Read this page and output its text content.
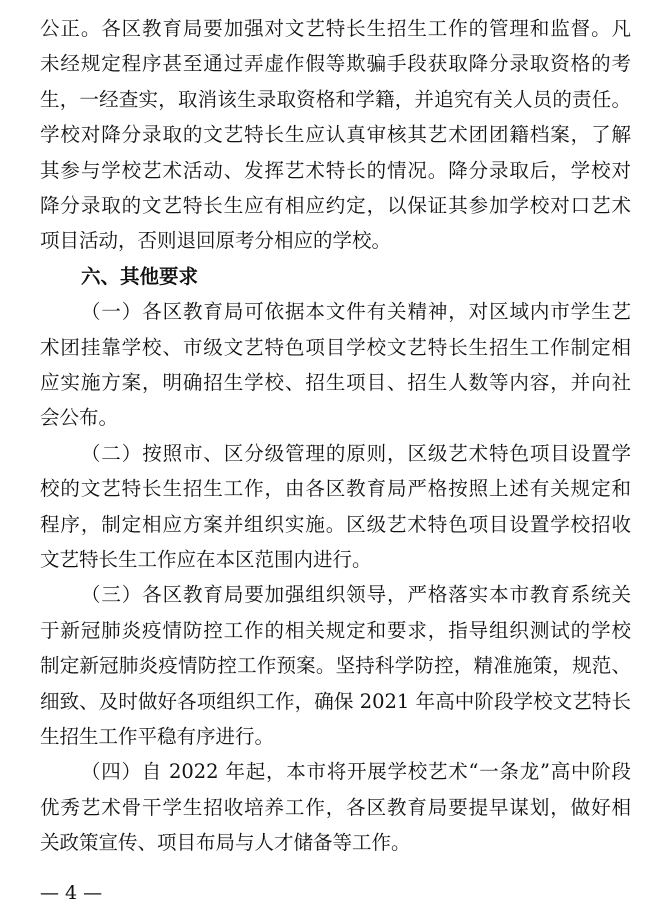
公正。各区教育局要加强对文艺特长生招生工作的管理和监督。凡
未经规定程序甚至通过弄虚作假等欺骗手段获取降分录取资格的考
生，一经查实，取消该生录取资格和学籍，并追究有关人员的责任。
学校对降分录取的文艺特长生应认真审核其艺术团团籍档案，了解
其参与学校艺术活动、发挥艺术特长的情况。降分录取后，学校对
降分录取的文艺特长生应有相应约定，以保证其参加学校对口艺术
项目活动，否则退回原考分相应的学校。
六、其他要求
（一）各区教育局可依据本文件有关精神，对区域内市学生艺
术团挂靠学校、市级文艺特色项目学校文艺特长生招生工作制定相
应实施方案，明确招生学校、招生项目、招生人数等内容，并向社
会公布。
（二）按照市、区分级管理的原则，区级艺术特色项目设置学
校的文艺特长生招生工作，由各区教育局严格按照上述有关规定和
程序，制定相应方案并组织实施。区级艺术特色项目设置学校招收
文艺特长生工作应在本区范围内进行。
（三）各区教育局要加强组织领导，严格落实本市教育系统关
于新冠肺炎疫情防控工作的相关规定和要求，指导组织测试的学校
制定新冠肺炎疫情防控工作预案。坚持科学防控，精准施策，规范、
细致、及时做好各项组织工作，确保 2021 年高中阶段学校文艺特长
生招生工作平稳有序进行。
（四）自 2022 年起，本市将开展学校艺术“一条龙”高中阶段
优秀艺术骨干学生招收培养工作，各区教育局要提早谋划，做好相
关政策宣传、项目布局与人才储备等工作。
— 4 —
